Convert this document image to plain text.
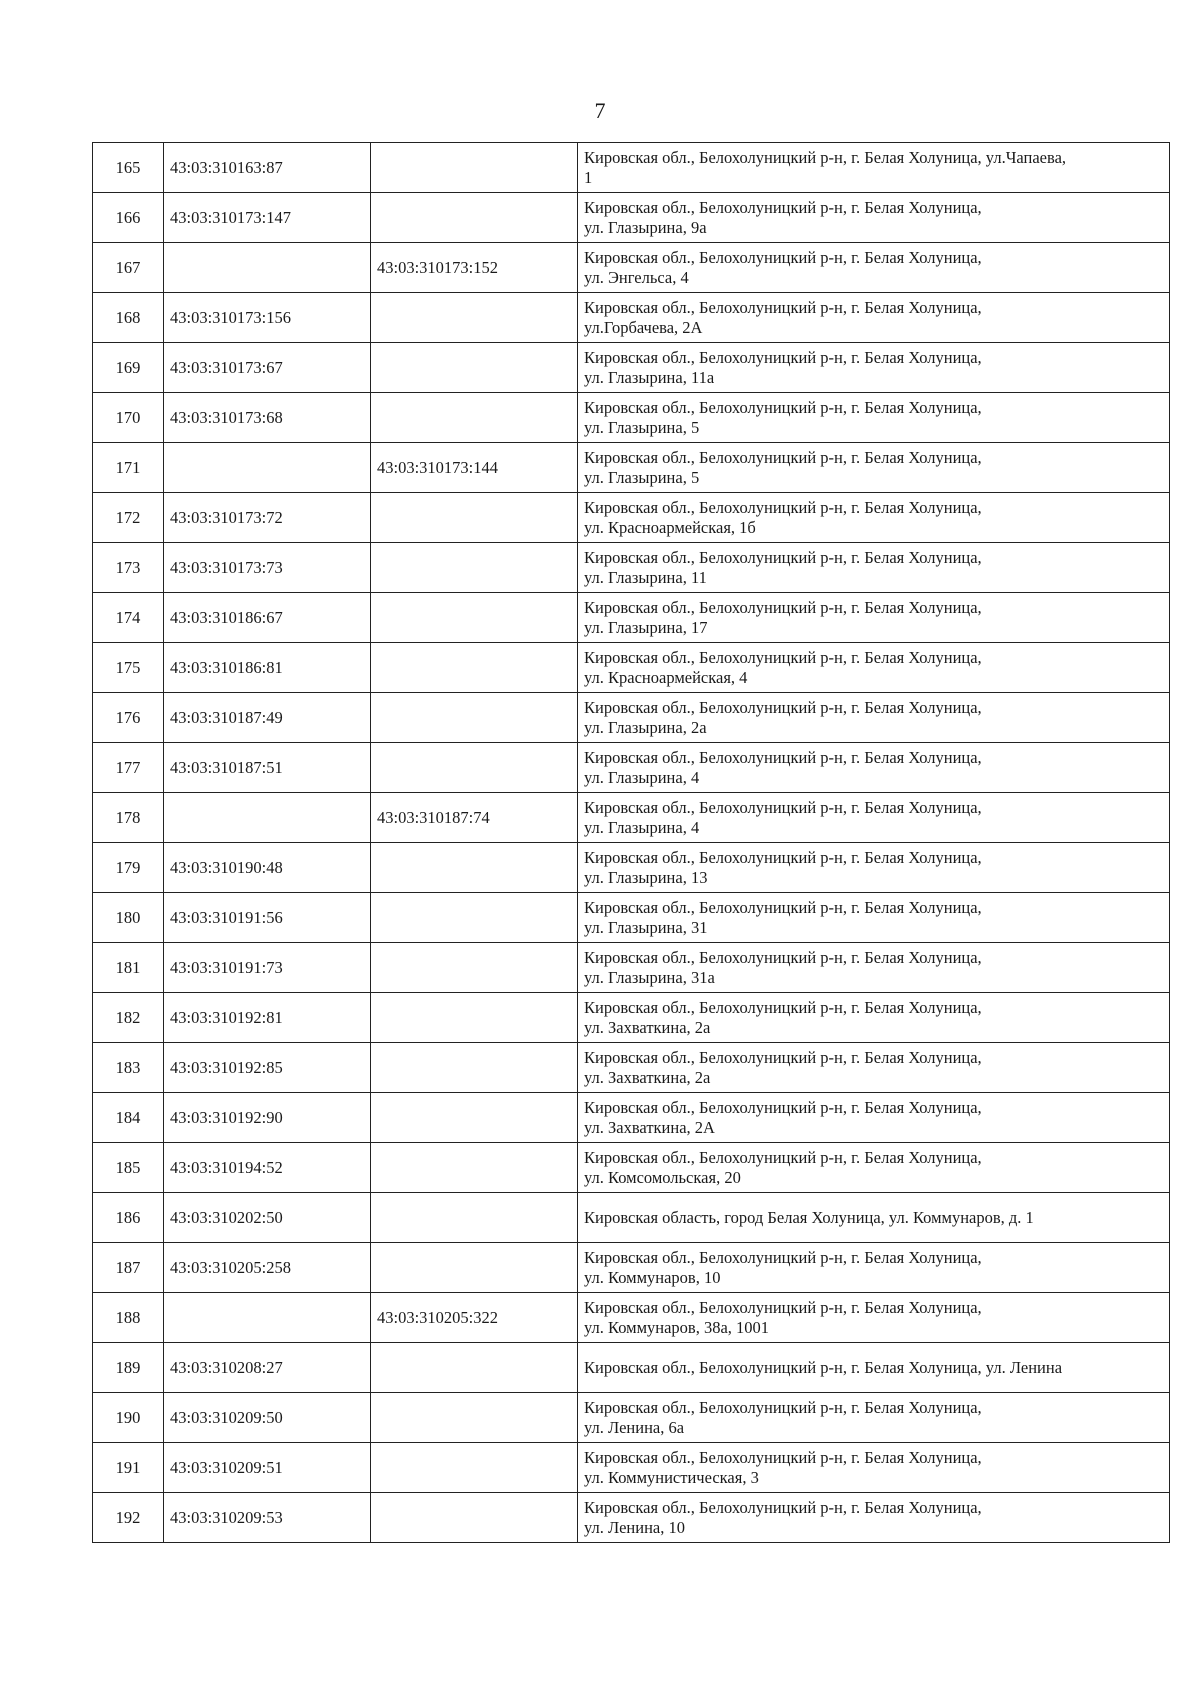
7
165	43:03:310163:87		Кировская обл., Белохолуницкий р-н, г. Белая Холуница, ул.Чапаева,
1

166	43:03:310173:147		Кировская обл., Белохолуницкий р-н, г. Белая Холуница,
ул. Глазырина, 9а

167		43:03:310173:152	Кировская обл., Белохолуницкий р-н, г. Белая Холуница,
ул. Энгельса, 4

168	43:03:310173:156		Кировская обл., Белохолуницкий р-н, г. Белая Холуница,
ул.Горбачева, 2А

169	43:03:310173:67		Кировская обл., Белохолуницкий р-н, г. Белая Холуница,
ул. Глазырина, 11а

170	43:03:310173:68		Кировская обл., Белохолуницкий р-н, г. Белая Холуница,
ул. Глазырина, 5

171		43:03:310173:144	Кировская обл., Белохолуницкий р-н, г. Белая Холуница,
ул. Глазырина, 5

172	43:03:310173:72		Кировская обл., Белохолуницкий р-н, г. Белая Холуница,
ул. Красноармейская, 1б

173	43:03:310173:73		Кировская обл., Белохолуницкий р-н, г. Белая Холуница,
ул. Глазырина, 11

174	43:03:310186:67		Кировская обл., Белохолуницкий р-н, г. Белая Холуница,
ул. Глазырина, 17

175	43:03:310186:81		Кировская обл., Белохолуницкий р-н, г. Белая Холуница,
ул. Красноармейская, 4

176	43:03:310187:49		Кировская обл., Белохолуницкий р-н, г. Белая Холуница,
ул. Глазырина, 2а

177	43:03:310187:51		Кировская обл., Белохолуницкий р-н, г. Белая Холуница,
ул. Глазырина, 4

178		43:03:310187:74	Кировская обл., Белохолуницкий р-н, г. Белая Холуница,
ул. Глазырина, 4

179	43:03:310190:48		Кировская обл., Белохолуницкий р-н, г. Белая Холуница,
ул. Глазырина, 13

180	43:03:310191:56		Кировская обл., Белохолуницкий р-н, г. Белая Холуница,
ул. Глазырина, 31

181	43:03:310191:73		Кировская обл., Белохолуницкий р-н, г. Белая Холуница,
ул. Глазырина, 31а

182	43:03:310192:81		Кировская обл., Белохолуницкий р-н, г. Белая Холуница,
ул. Захваткина, 2а

183	43:03:310192:85		Кировская обл., Белохолуницкий р-н, г. Белая Холуница,
ул. Захваткина, 2а

184	43:03:310192:90		Кировская обл., Белохолуницкий р-н, г. Белая Холуница,
ул. Захваткина, 2А

185	43:03:310194:52		Кировская обл., Белохолуницкий р-н, г. Белая Холуница,
ул. Комсомольская, 20

186	43:03:310202:50		Кировская область, город Белая Холуница, ул. Коммунаров, д. 1

187	43:03:310205:258		Кировская обл., Белохолуницкий р-н, г. Белая Холуница,
ул. Коммунаров, 10

188		43:03:310205:322	Кировская обл., Белохолуницкий р-н, г. Белая Холуница,
ул. Коммунаров, 38а, 1001

189	43:03:310208:27		Кировская обл., Белохолуницкий р-н, г. Белая Холуница, ул. Ленина

190	43:03:310209:50		Кировская обл., Белохолуницкий р-н, г. Белая Холуница,
ул. Ленина, 6а

191	43:03:310209:51		Кировская обл., Белохолуницкий р-н, г. Белая Холуница,
ул. Коммунистическая, 3

192	43:03:310209:53		Кировская обл., Белохолуницкий р-н, г. Белая Холуница,
ул. Ленина, 10
